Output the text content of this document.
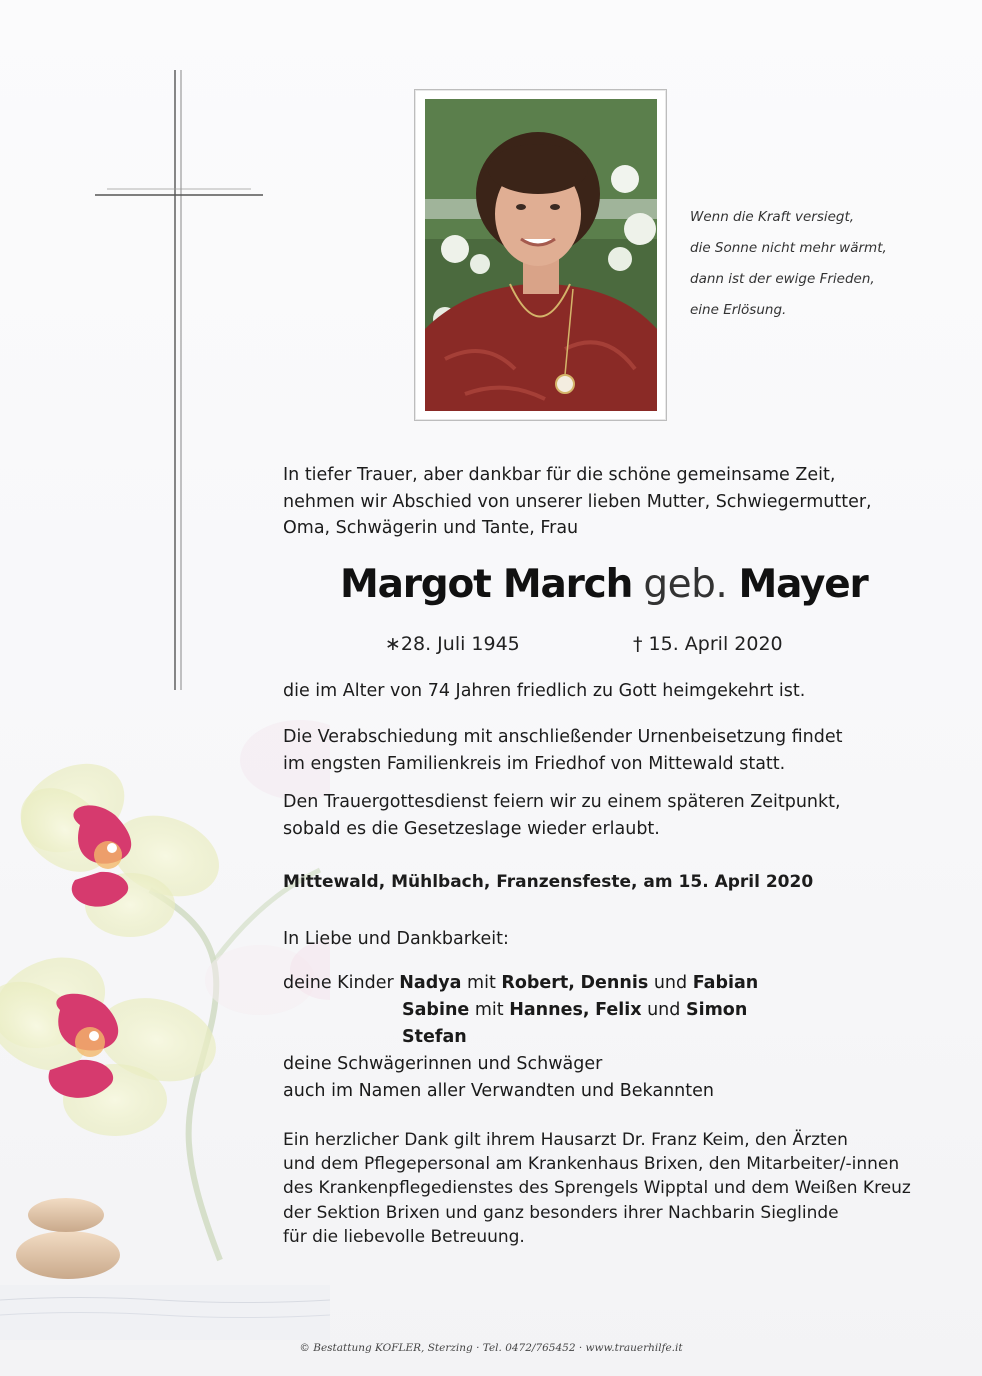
Wenn die Kraft versiegt,
die Sonne nicht mehr wärmt,
dann ist der ewige Frieden,
eine Erlösung.
In tiefer Trauer, aber dankbar für die schöne gemeinsame Zeit,
nehmen wir Abschied von unserer lieben Mutter, Schwiegermutter,
Oma, Schwägerin und Tante, Frau
Margot March geb. Mayer
∗28. Juli 1945	† 15. April 2020
die im Alter von 74 Jahren friedlich zu Gott heimgekehrt ist.
Die Verabschiedung mit anschließender Urnenbeisetzung findet
im engsten Familienkreis im Friedhof von Mittewald statt.
Den Trauergottesdienst feiern wir zu einem späteren Zeitpunkt,
sobald es die Gesetzeslage wieder erlaubt.
Mittewald, Mühlbach, Franzensfeste, am 15. April 2020
In Liebe und Dankbarkeit:
deine Kinder Nadya mit Robert, Dennis und Fabian
Sabine mit Hannes, Felix und Simon
Stefan
deine Schwägerinnen und Schwäger
auch im Namen aller Verwandten und Bekannten
Ein herzlicher Dank gilt ihrem Hausarzt Dr. Franz Keim, den Ärzten
und dem Pflegepersonal am Krankenhaus Brixen, den Mitarbeiter/-innen
des Krankenpflegedienstes des Sprengels Wipptal und dem Weißen Kreuz
der Sektion Brixen und ganz besonders ihrer Nachbarin Sieglinde
für die liebevolle Betreuung.
© Bestattung KOFLER, Sterzing · Tel. 0472/765452 · www.trauerhilfe.it
